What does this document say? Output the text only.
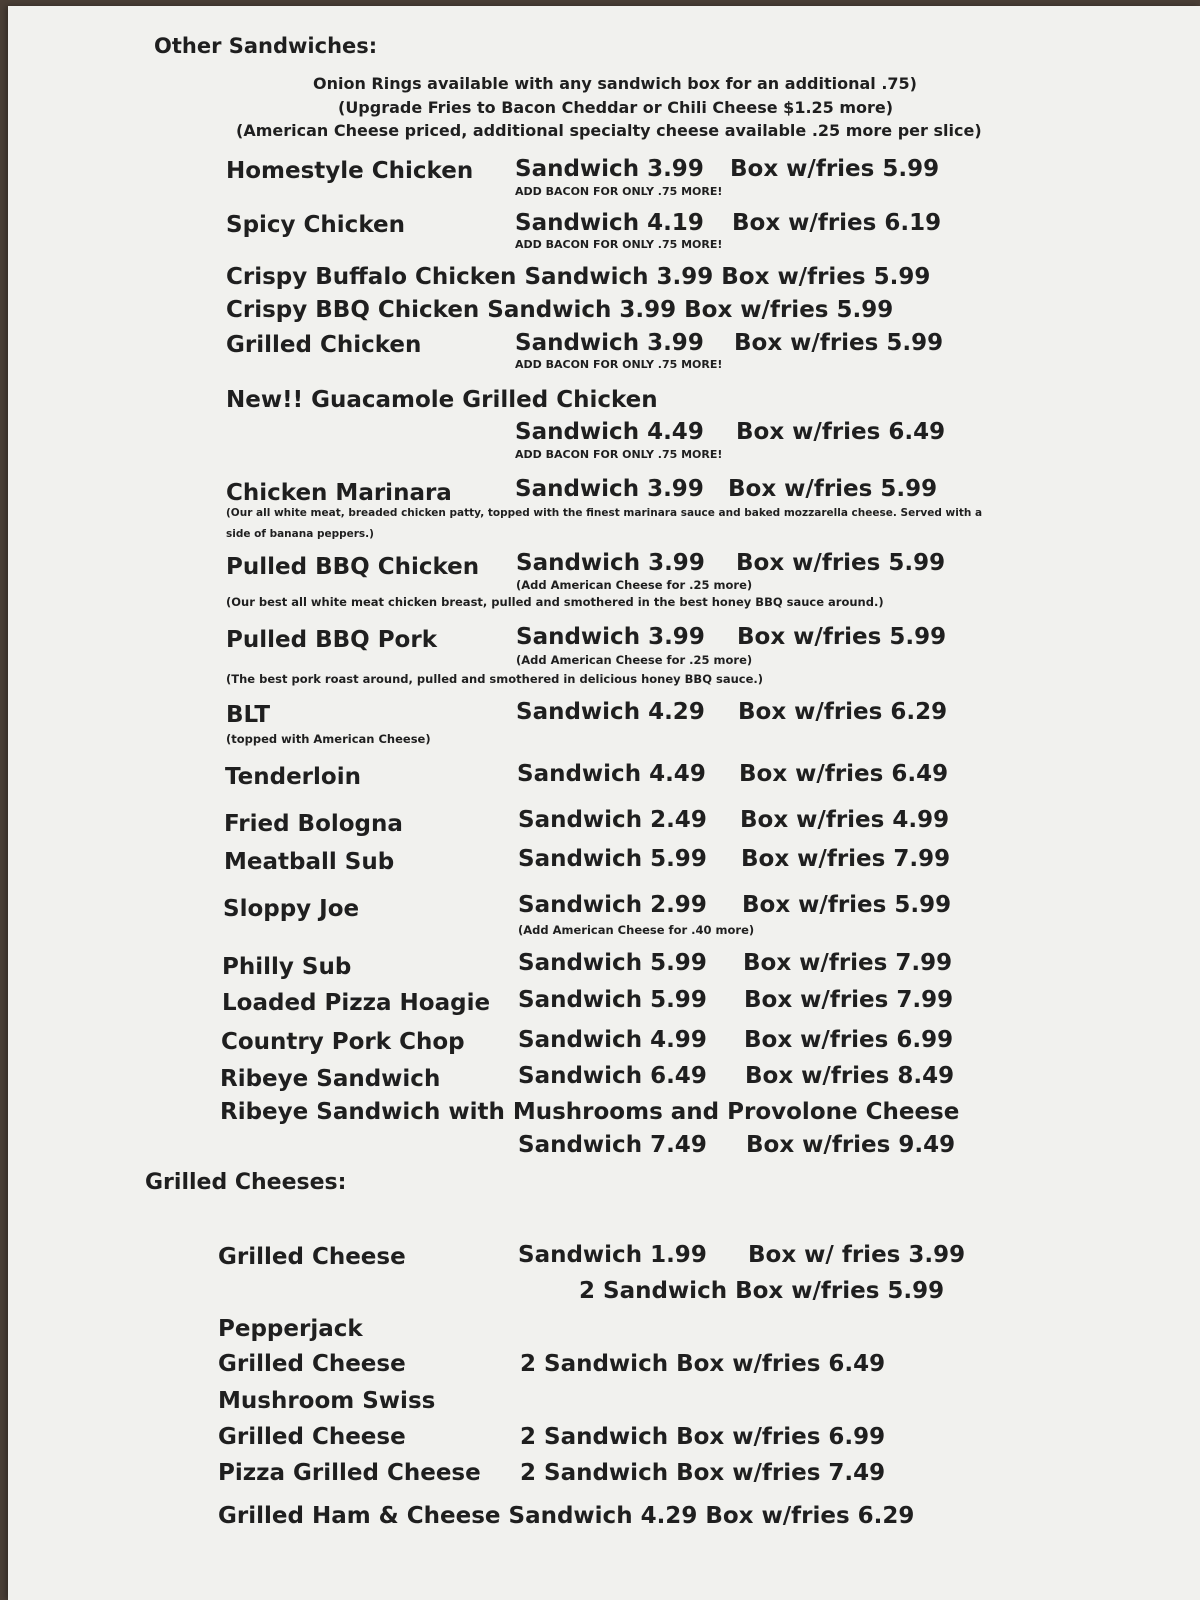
Other Sandwiches:
Onion Rings available with any sandwich box for an additional .75)
(Upgrade Fries to Bacon Cheddar or Chili Cheese $1.25 more)
(American Cheese priced, additional specialty cheese available .25 more per slice)
Homestyle Chicken Sandwich 3.99 Box w/fries 5.99
ADD BACON FOR ONLY .75 MORE!
Spicy Chicken	Sandwich 4.19 Box w/fries 6.19
ADD BACON FOR ONLY .75 MORE!
Crispy Buffalo Chicken Sandwich 3.99 Box w/fries 5.99
Crispy BBQ Chicken Sandwich 3.99 Box w/fries 5.99
Grilled Chicken	Sandwich 3.99 Box w/fries 5.99
ADD BACON FOR ONLY .75 MORE!
New!! Guacamole Grilled Chicken
Sandwich 4.49 Box w/fries 6.49
ADD BACON FOR ONLY .75 MORE!
Chicken Marinara	Sandwich 3.99 Box w/fries 5.99
(Our all white meat, breaded chicken patty, topped with the finest marinara sauce and baked mozzarella cheese. Served with a
side of banana peppers.)
Pulled BBQ Chicken Sandwich 3.99 Box w/fries 5.99
(Add American Cheese for .25 more)
(Our best all white meat chicken breast, pulled and smothered in the best honey BBQ sauce around.)
Pulled BBQ Pork	Sandwich 3.99 Box w/fries 5.99
(Add American Cheese for .25 more)
(The best pork roast around, pulled and smothered in delicious honey BBQ sauce.)
BLT	Sandwich 4.29 Box w/fries 6.29
(topped with American Cheese)
Tenderloin	Sandwich 4.49 Box w/fries 6.49
Fried Bologna	Sandwich 2.49 Box w/fries 4.99
Meatball Sub	Sandwich 5.99 Box w/fries 7.99
Sloppy Joe	Sandwich 2.99 Box w/fries 5.99
(Add American Cheese for .40 more)
Philly Sub	Sandwich 5.99 Box w/fries 7.99
Loaded Pizza Hoagie Sandwich 5.99 Box w/fries 7.99
Country Pork Chop Sandwich 4.99 Box w/fries 6.99
Ribeye Sandwich	Sandwich 6.49 Box w/fries 8.49
Ribeye Sandwich with Mushrooms and Provolone Cheese
Sandwich 7.49 Box w/fries 9.49
Grilled Cheeses:
Grilled Cheese	Sandwich 1.99 Box w/ fries 3.99
2 Sandwich Box w/fries 5.99
Pepperjack
Grilled Cheese	2 Sandwich Box w/fries 6.49
Mushroom Swiss
Grilled Cheese	2 Sandwich Box w/fries 6.99
Pizza Grilled Cheese 2 Sandwich Box w/fries 7.49
Grilled Ham & Cheese Sandwich 4.29 Box w/fries 6.29
